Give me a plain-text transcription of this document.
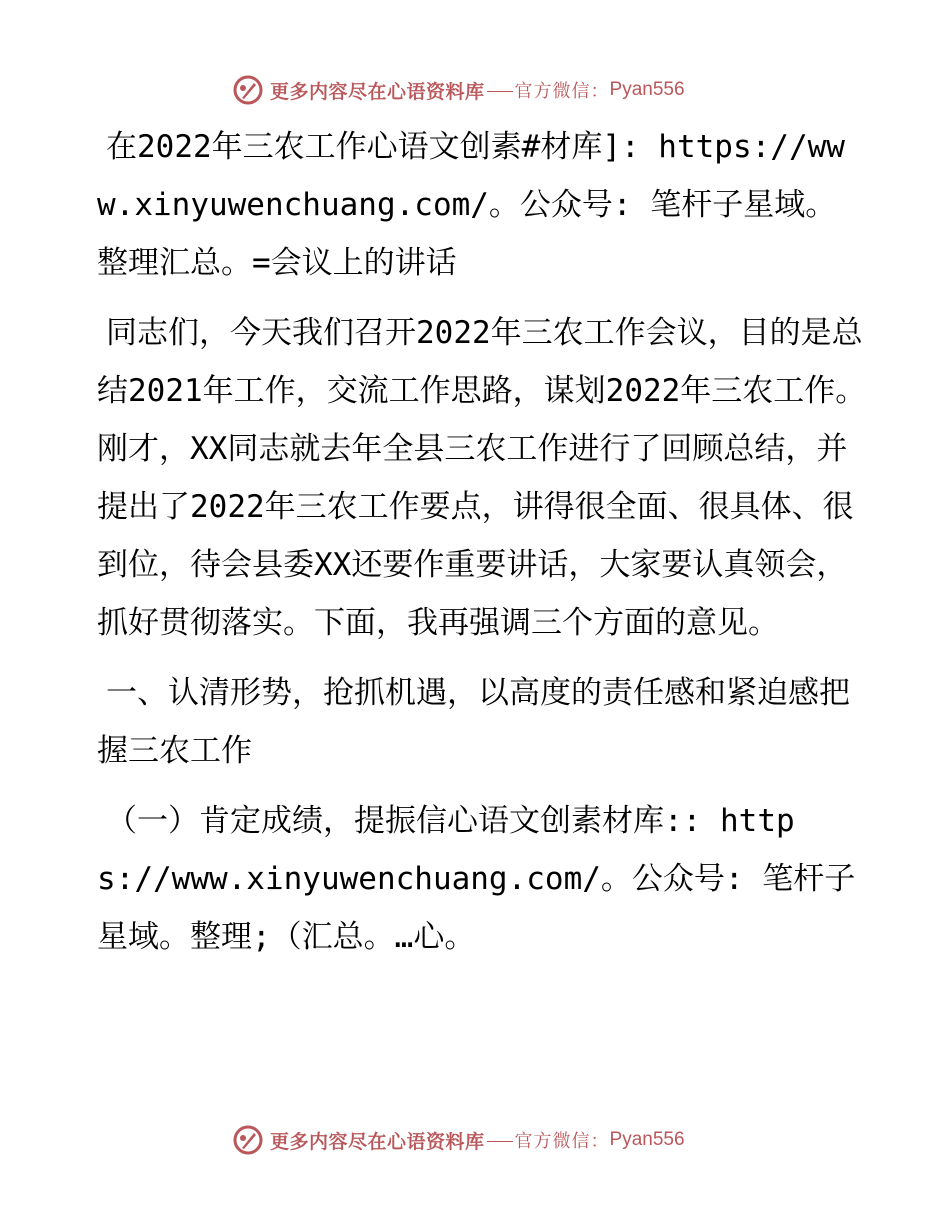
更多内容尽在心语资料库 官方微信： Pyan556

在2022年三农工作心语文创素#材库]: https://www.xinyuwenchuang.com/。公众号: 笔杆子星域。整理汇总。=会议上的讲话

同志们，今天我们召开2022年三农工作会议，目的是总结2021年工作，交流工作思路，谋划2022年三农工作。刚才，XX同志就去年全县三农工作进行了回顾总结，并提出了2022年三农工作要点，讲得很全面、很具体、很到位，待会县委XX还要作重要讲话，大家要认真领会，抓好贯彻落实。下面，我再强调三个方面的意见。

一、认清形势，抢抓机遇，以高度的责任感和紧迫感把握三农工作

（一）肯定成绩，提振信心语文创素材库:: https://www.xinyuwenchuang.com/。公众号: 笔杆子星域。整理;（汇总。…心。

更多内容尽在心语资料库 官方微信： Pyan556
